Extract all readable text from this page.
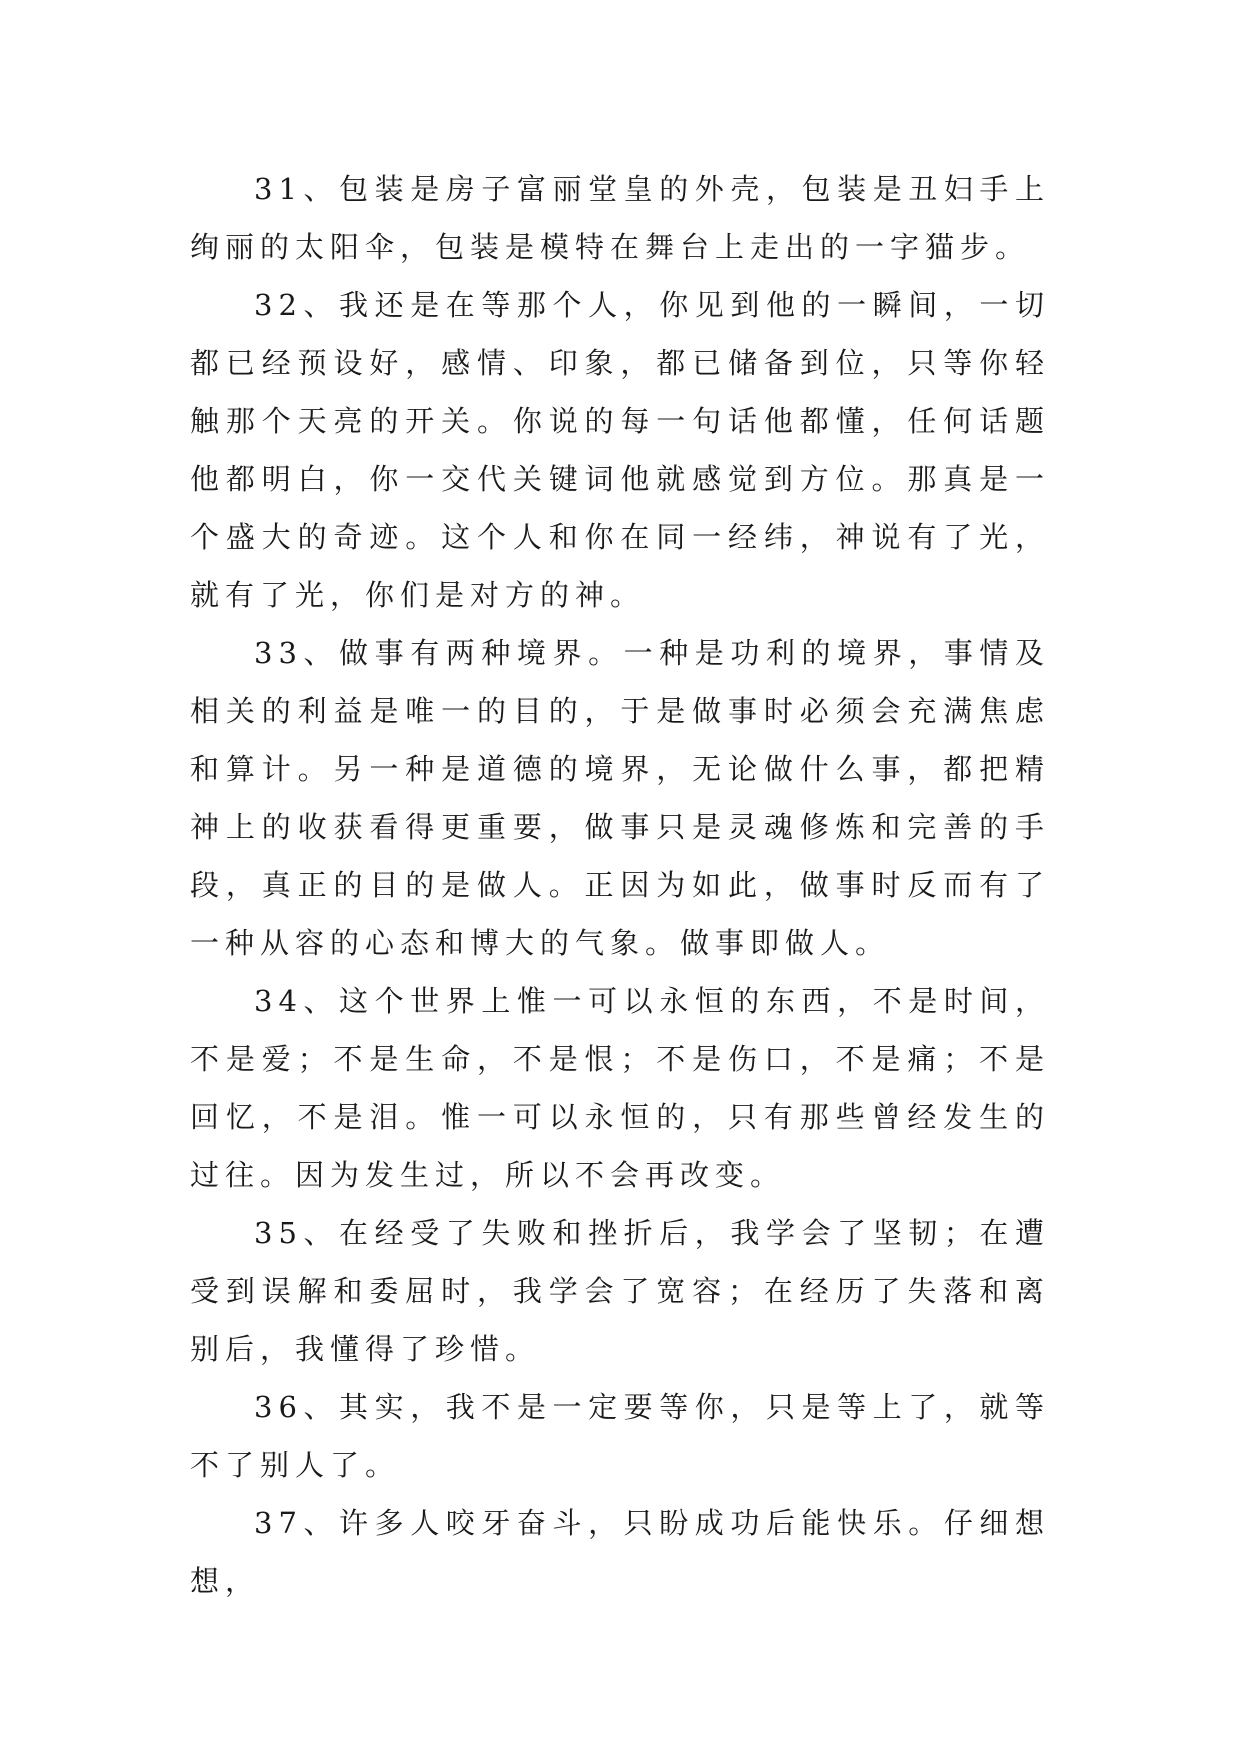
31、包装是房子富丽堂皇的外壳，包装是丑妇手上绚丽的太阳伞，包装是模特在舞台上走出的一字猫步。

32、我还是在等那个人，你见到他的一瞬间，一切都已经预设好，感情、印象，都已储备到位，只等你轻触那个天亮的开关。你说的每一句话他都懂，任何话题他都明白，你一交代关键词他就感觉到方位。那真是一个盛大的奇迹。这个人和你在同一经纬，神说有了光，就有了光，你们是对方的神。

33、做事有两种境界。一种是功利的境界，事情及相关的利益是唯一的目的，于是做事时必须会充满焦虑和算计。另一种是道德的境界，无论做什么事，都把精神上的收获看得更重要，做事只是灵魂修炼和完善的手段，真正的目的是做人。正因为如此，做事时反而有了一种从容的心态和博大的气象。做事即做人。

34、这个世界上惟一可以永恒的东西，不是时间，不是爱；不是生命，不是恨；不是伤口，不是痛；不是回忆，不是泪。惟一可以永恒的，只有那些曾经发生的过往。因为发生过，所以不会再改变。

35、在经受了失败和挫折后，我学会了坚韧；在遭受到误解和委屈时，我学会了宽容；在经历了失落和离别后，我懂得了珍惜。

36、其实，我不是一定要等你，只是等上了，就等不了别人了。

37、许多人咬牙奋斗，只盼成功后能快乐。仔细想想，
